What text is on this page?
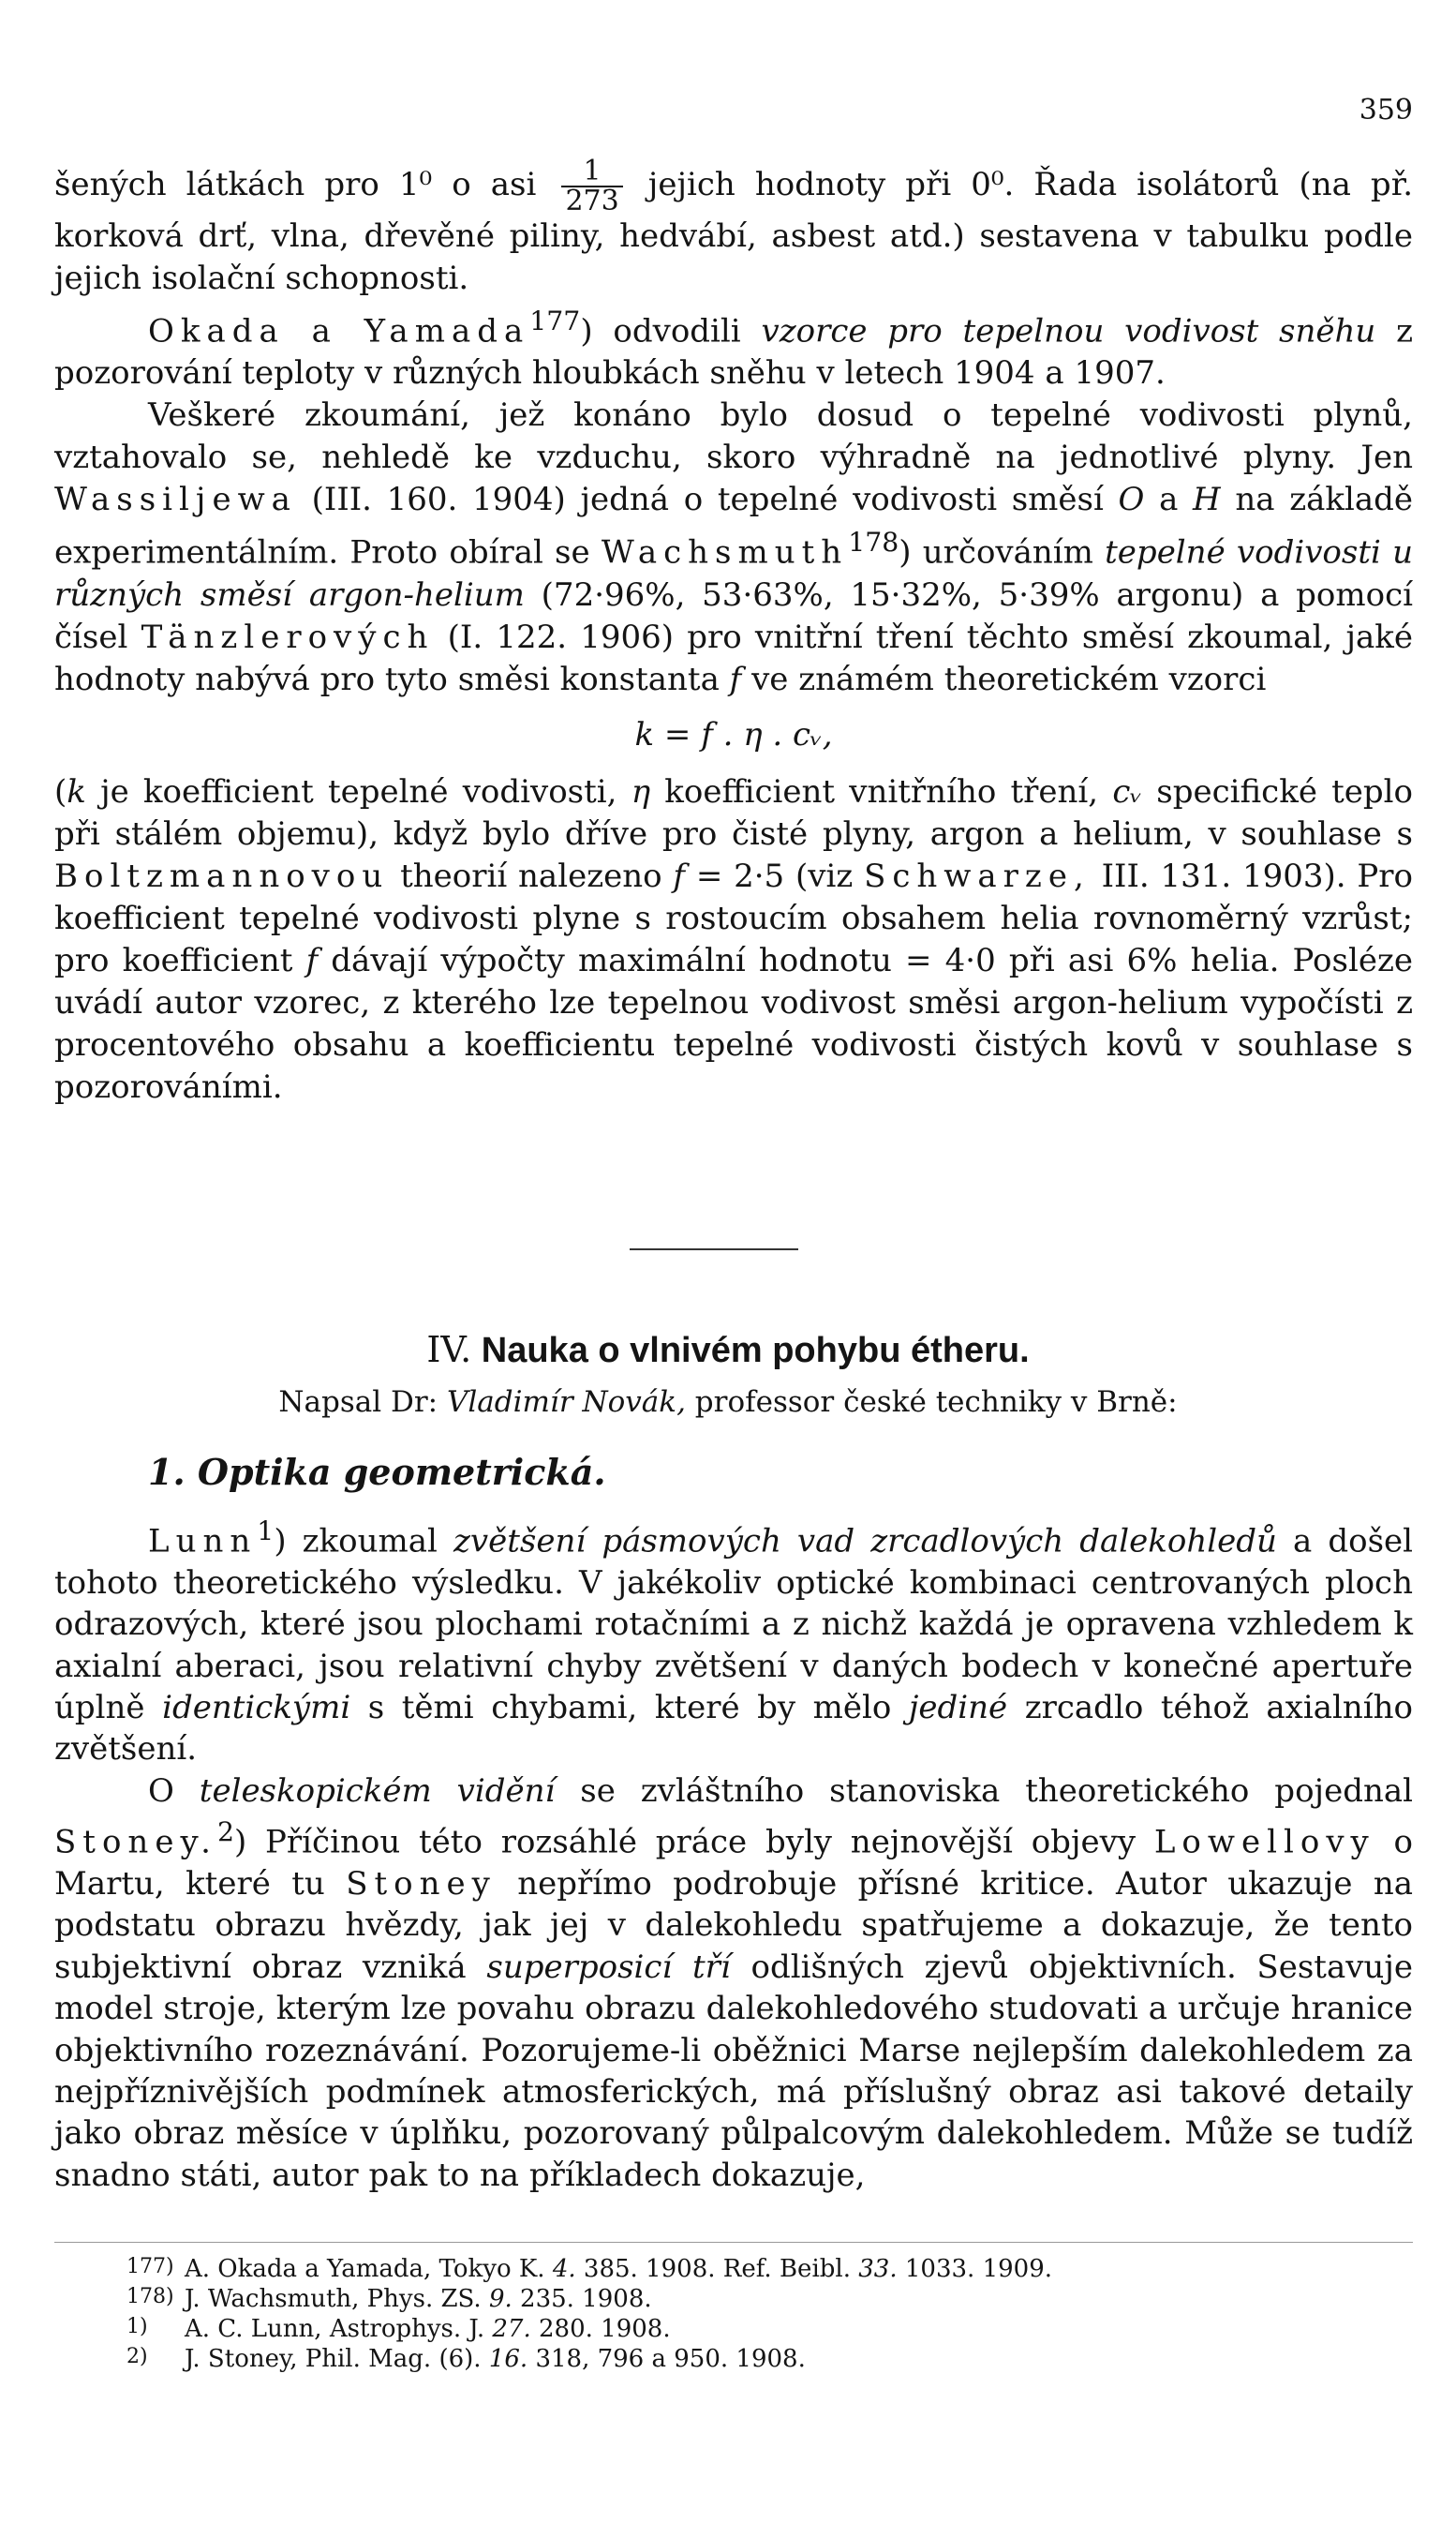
359

šených látkách pro 1⁰ o asi $\frac{1}{273}$ jejich hodnoty při 0⁰. Řada isolátorů (na př. korková drť, vlna, dřevěné piliny, hedvábí, asbest atd.) sestavena v tabulku podle jejich isolační schopnosti.

Okada a Yamada$^{177}$) odvodili vzorce pro tepelnou vodivost sněhu z pozorování teploty v různých hloubkách sněhu v letech 1904 a 1907.

Veškeré zkoumání, jež konáno bylo dosud o tepelné vodivosti plynů, vztahovalo se, nehledě ke vzduchu, skoro výhradně na jednotlivé plyny. Jen Wassiljewa (III. 160. 1904) jedná o tepelné vodivosti směsí O a H na základě experimentálním. Proto obíral se Wachsmuth$^{178}$) určováním tepelné vodivosti u různých směsí argon-helium (72·96%, 53·63%, 15·32%, 5·39% argonu) a pomocí čísel Tänzlerových (I. 122. 1906) pro vnitřní tření těchto směsí zkoumal, jaké hodnoty nabývá pro tyto směsi konstanta f ve známém theoretickém vzorci

k = f . η . cᵥ,

(k je koefficient tepelné vodivosti, η koefficient vnitřního tření, cᵥ specifické teplo při stálém objemu), když bylo dříve pro čisté plyny, argon a helium, v souhlase s Boltzmannovou theorií nalezeno f = 2·5 (viz Schwarze, III. 131. 1903). Pro koefficient tepelné vodivosti plyne s rostoucím obsahem helia rovnoměrný vzrůst; pro koefficient f dávají výpočty maximální hodnotu = 4·0 při asi 6% helia. Posléze uvádí autor vzorec, z kterého lze tepelnou vodivost směsi argon-helium vypočísti z procentového obsahu a koefficientu tepelné vodivosti čistých kovů v souhlase s pozorováními.

IV. Nauka o vlnivém pohybu étheru.
Napsal Dr: Vladimír Novák, professor české techniky v Brně:
1. Optika geometrická.

Lunn$^1$) zkoumal zvětšení pásmových vad zrcadlových dalekohledů a došel tohoto theoretického výsledku. V jakékoliv optické kombinaci centrovaných ploch odrazových, které jsou plochami rotačními a z nichž každá je opravena vzhledem k axialní aberaci, jsou relativní chyby zvětšení v daných bodech v konečné apertuře úplně identickými s těmi chybami, které by mělo jediné zrcadlo téhož axialního zvětšení.

O teleskopickém vidění se zvláštního stanoviska theoretického pojednal Stoney.$^2$) Příčinou této rozsáhlé práce byly nejnovější objevy Lowellovy o Martu, které tu Stoney nepřímo podrobuje přísné kritice. Autor ukazuje na podstatu obrazu hvězdy, jak jej v dalekohledu spatřujeme a dokazuje, že tento subjektivní obraz vzniká superposicí tří odlišných zjevů objektivních. Sestavuje model stroje, kterým lze povahu obrazu dalekohledového studovati a určuje hranice objektivního rozeznávání. Pozorujeme-li oběžnici Marse nejlepším dalekohledem za nejpříznivějších podmínek atmosferických, má příslušný obraz asi takové detaily jako obraz měsíce v úplňku, pozorovaný půlpalcovým dalekohledem. Může se tudíž snadno státi, autor pak to na příkladech dokazuje,

177) A. Okada a Yamada, Tokyo K. 4. 385. 1908. Ref. Beibl. 33. 1033. 1909.
178) J. Wachsmuth, Phys. ZS. 9. 235. 1908.
1) A. C. Lunn, Astrophys. J. 27. 280. 1908.
2) J. Stoney, Phil. Mag. (6). 16. 318, 796 a 950. 1908.
